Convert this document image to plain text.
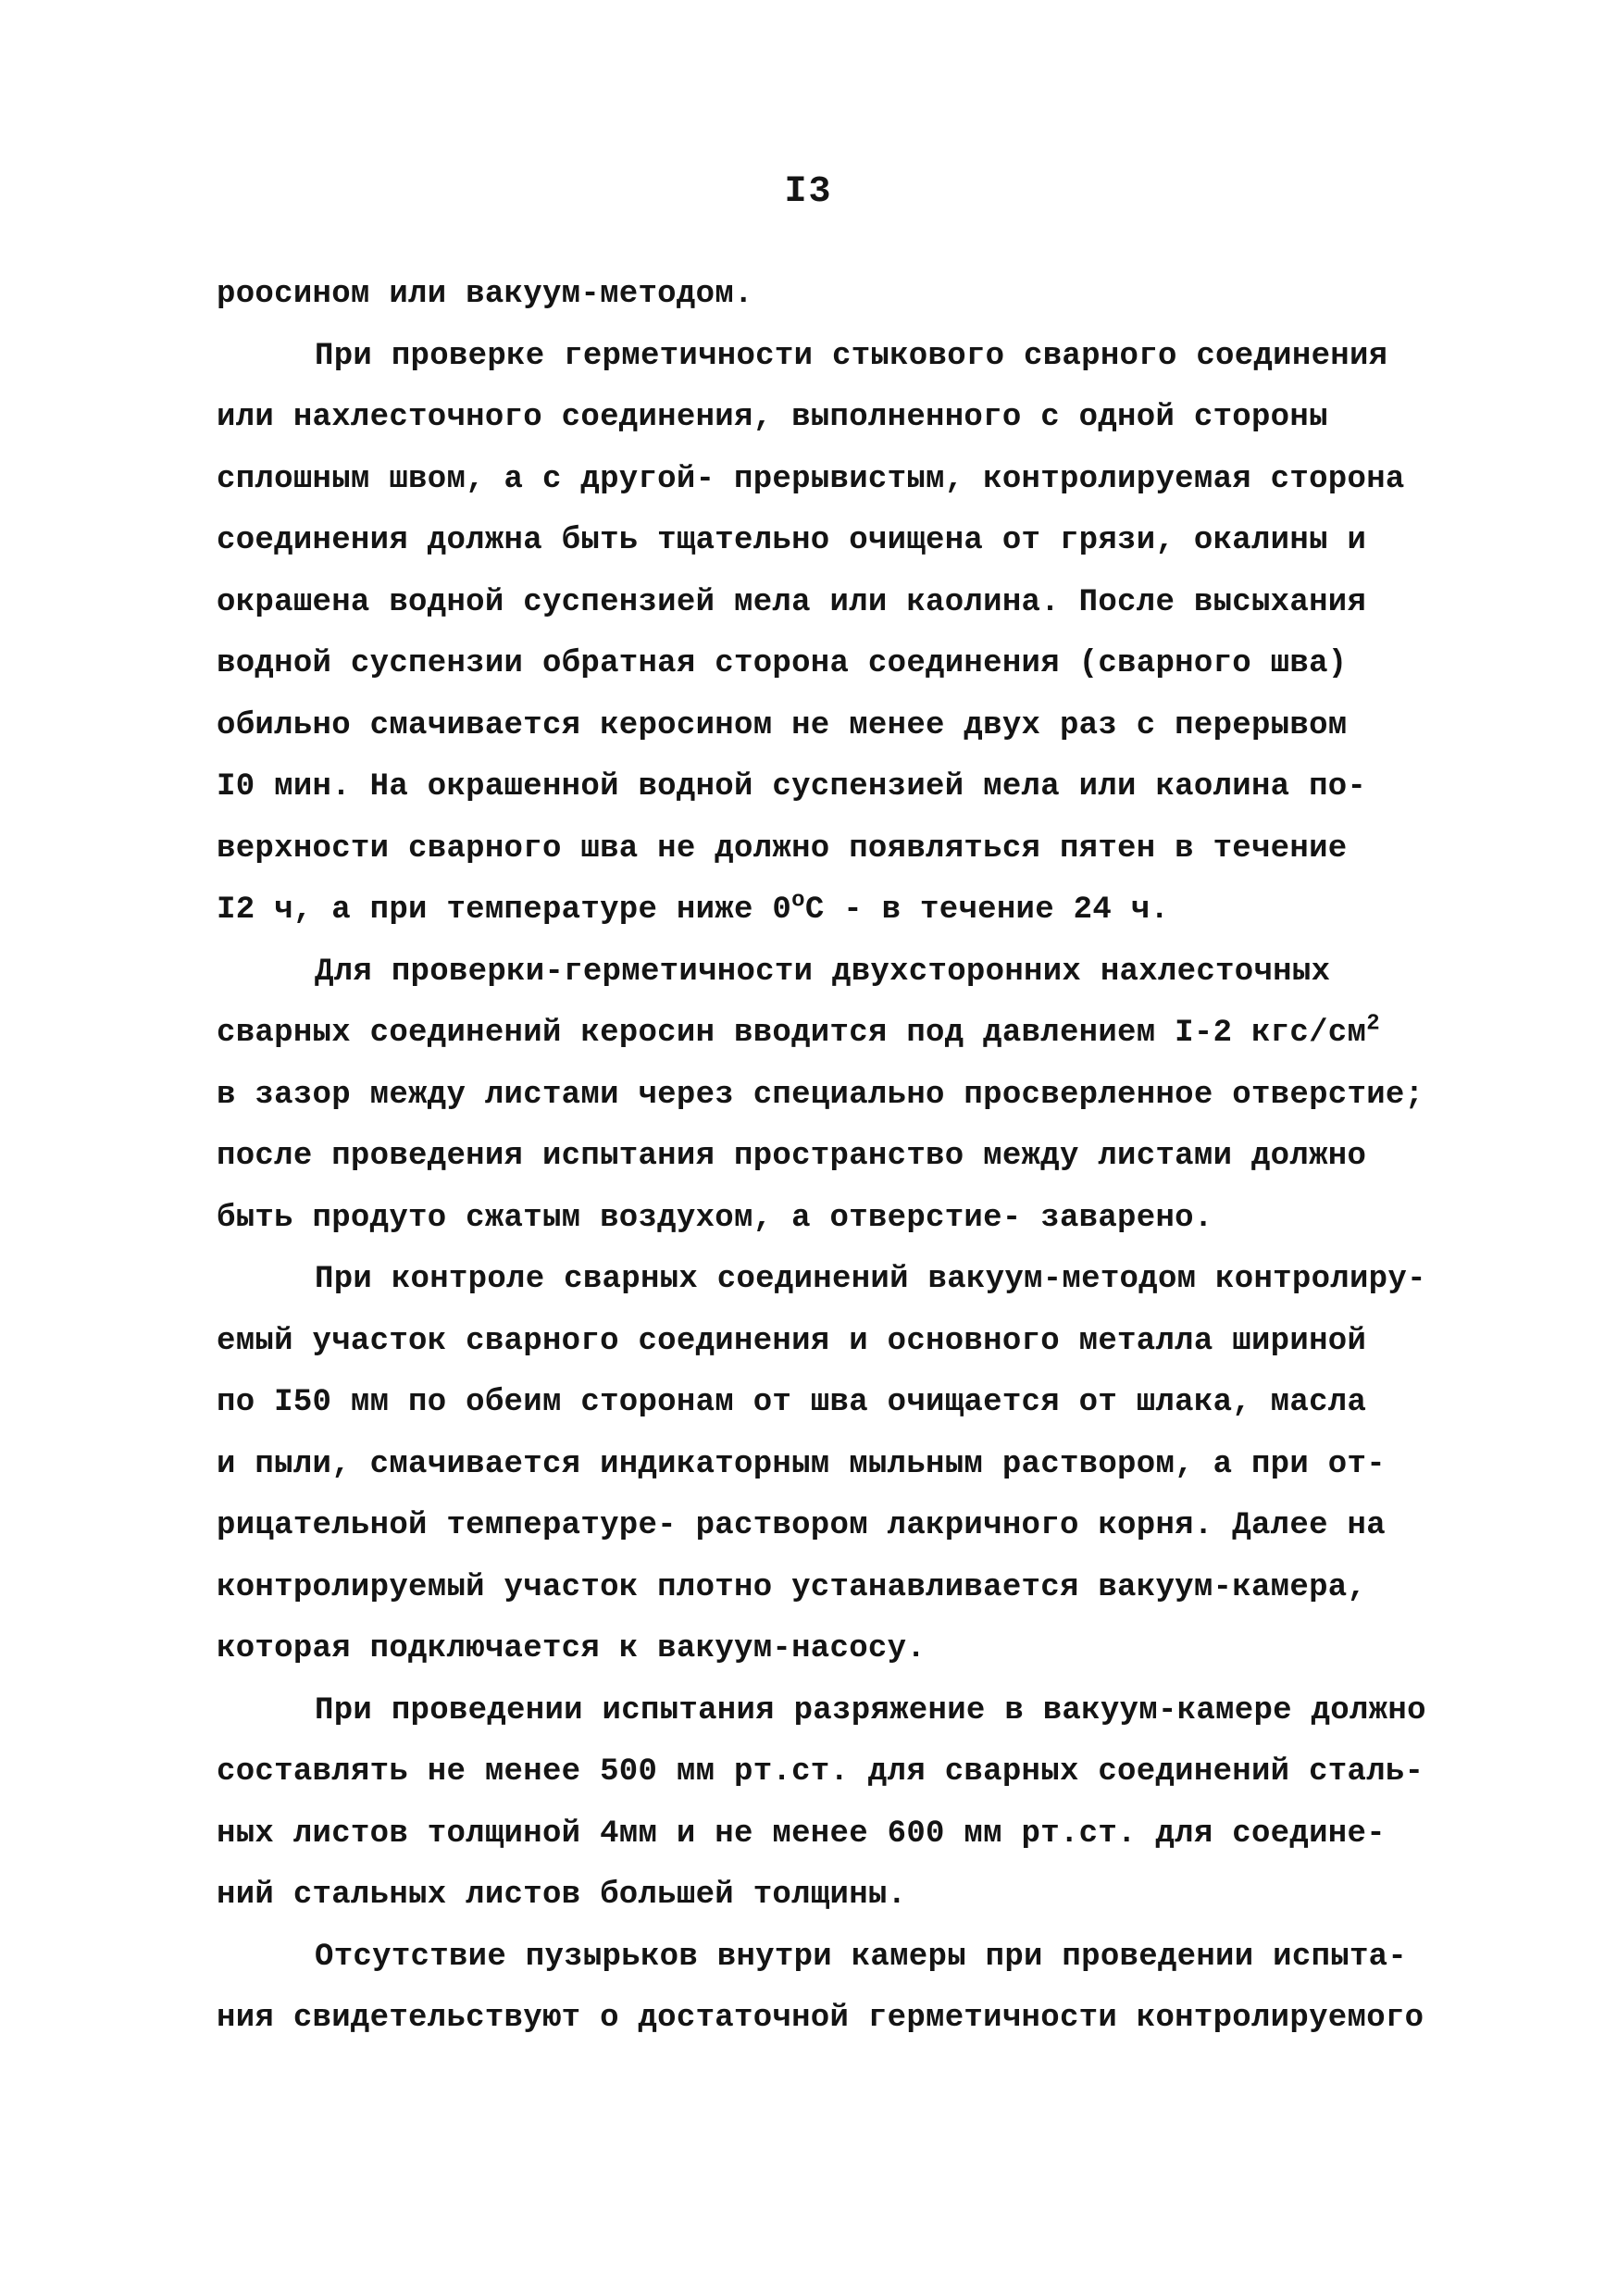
I3
роосином или вакуум-методом.
При проверке герметичности стыкового сварного соединения
или нахлесточного соединения, выполненного с одной стороны
сплошным швом, а с другой- прерывистым, контролируемая сторона
соединения должна быть тщательно очищена от грязи, окалины и
окрашена водной суспензией мела или каолина. После высыхания
водной суспензии обратная сторона соединения (сварного шва)
обильно смачивается керосином не менее двух раз с перерывом
I0 мин. На окрашенной водной суспензией мела или каолина по-
верхности сварного шва не должно появляться пятен в течение
I2 ч, а при температуре ниже 0$^o$C - в течение 24 ч.
Для проверки-герметичности двухсторонних нахлесточных
сварных соединений керосин вводится под давлением I-2 кгс/$см^2$
в зазор между листами через специально просверленное отверстие;
после проведения испытания пространство между листами должно
быть продуто сжатым воздухом, а отверстие- заварено.
При контроле сварных соединений вакуум-методом контролиру-
емый участок сварного соединения и основного металла шириной
по I50 мм по обеим сторонам от шва очищается от шлака, масла
и пыли, смачивается индикаторным мыльным раствором, а при от-
рицательной температуре- раствором лакричного корня. Далее на
контролируемый участок плотно устанавливается вакуум-камера,
которая подключается к вакуум-насосу.
При проведении испытания разряжение в вакуум-камере должно
составлять не менее 500 мм рт.ст. для сварных соединений сталь-
ных листов толщиной 4мм и не менее 600 мм рт.ст. для соедине-
ний стальных листов большей толщины.
Отсутствие пузырьков внутри камеры при проведении испыта-
ния свидетельствуют о достаточной герметичности контролируемого
